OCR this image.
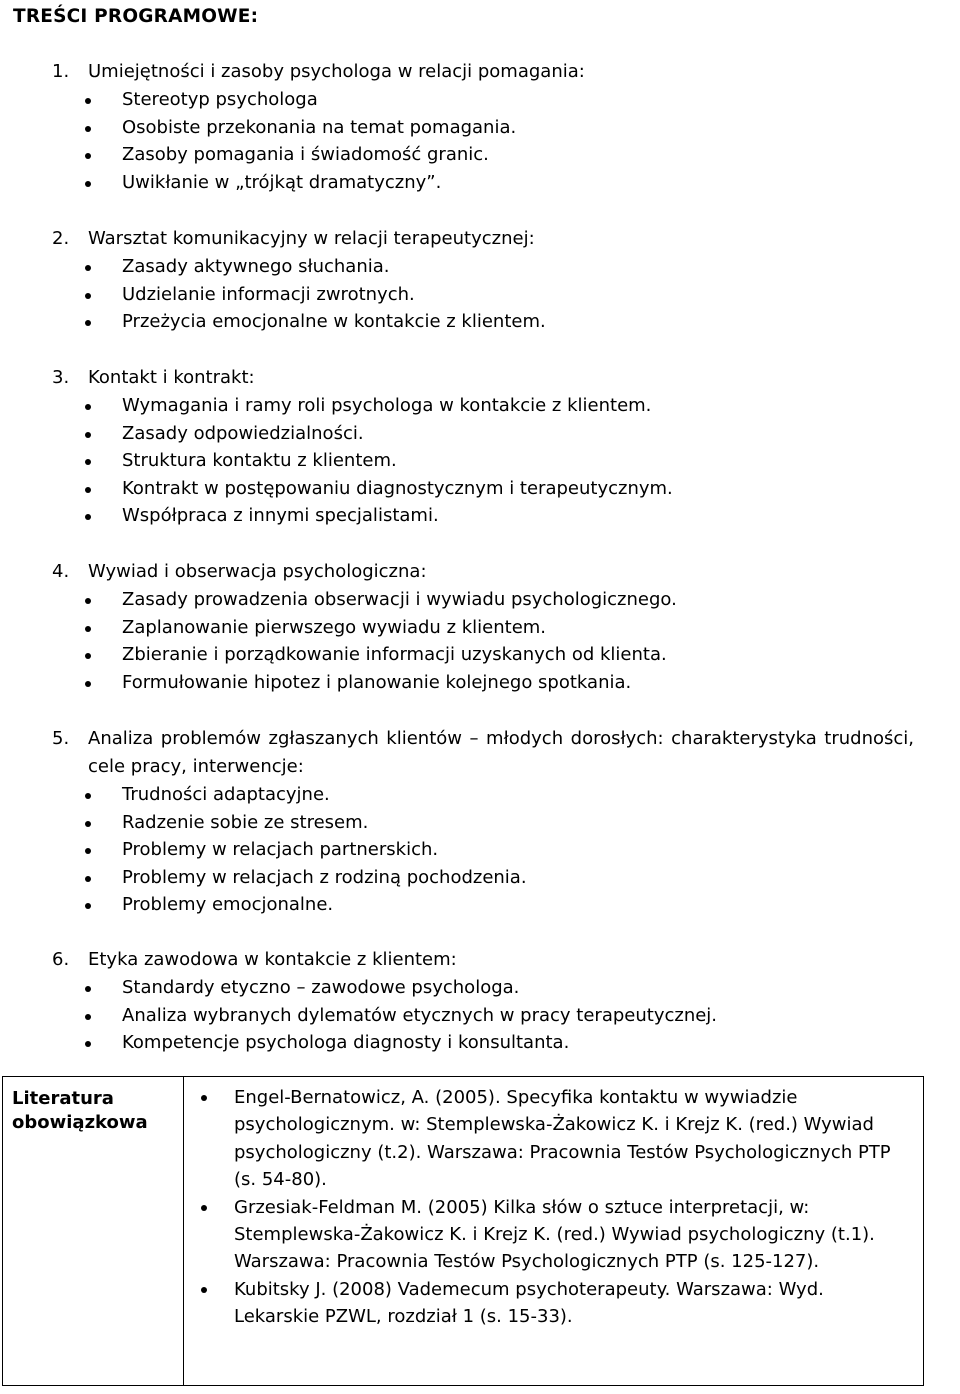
TREŚCI PROGRAMOWE:
1. Umiejętności i zasoby psychologa w relacji pomagania:
Stereotyp psychologa
Osobiste przekonania na temat pomagania.
Zasoby pomagania i świadomość granic.
Uwikłanie w „trójkąt dramatyczny”.
2. Warsztat komunikacyjny w relacji terapeutycznej:
Zasady aktywnego słuchania.
Udzielanie informacji zwrotnych.
Przeżycia emocjonalne w kontakcie z klientem.
3. Kontakt i kontrakt:
Wymagania i ramy roli psychologa w kontakcie z klientem.
Zasady odpowiedzialności.
Struktura kontaktu z klientem.
Kontrakt w postępowaniu diagnostycznym i terapeutycznym.
Współpraca z innymi specjalistami.
4. Wywiad i obserwacja psychologiczna:
Zasady prowadzenia obserwacji i wywiadu psychologicznego.
Zaplanowanie pierwszego wywiadu z klientem.
Zbieranie i porządkowanie informacji uzyskanych od klienta.
Formułowanie hipotez i planowanie kolejnego spotkania.
5. Analiza problemów zgłaszanych klientów – młodych dorosłych: charakterystyka trudności, cele pracy, interwencje:
Trudności adaptacyjne.
Radzenie sobie ze stresem.
Problemy w relacjach partnerskich.
Problemy w relacjach z rodziną pochodzenia.
Problemy emocjonalne.
6. Etyka zawodowa w kontakcie z klientem:
Standardy etyczno – zawodowe psychologa.
Analiza wybranych dylematów etycznych w pracy terapeutycznej.
Kompetencje psychologa diagnosty i konsultanta.
Literatura obowiązkowa
Engel-Bernatowicz, A. (2005). Specyfika kontaktu w wywiadzie psychologicznym. w: Stemplewska-Żakowicz K. i Krejz K. (red.) Wywiad psychologiczny (t.2). Warszawa: Pracownia Testów Psychologicznych PTP (s. 54-80).
Grzesiak-Feldman M. (2005) Kilka słów o sztuce interpretacji, w: Stemplewska-Żakowicz K. i Krejz K. (red.) Wywiad psychologiczny (t.1). Warszawa: Pracownia Testów Psychologicznych PTP (s. 125-127).
Kubitsky J. (2008) Vademecum psychoterapeuty. Warszawa: Wyd. Lekarskie PZWL, rozdział 1 (s. 15-33).
